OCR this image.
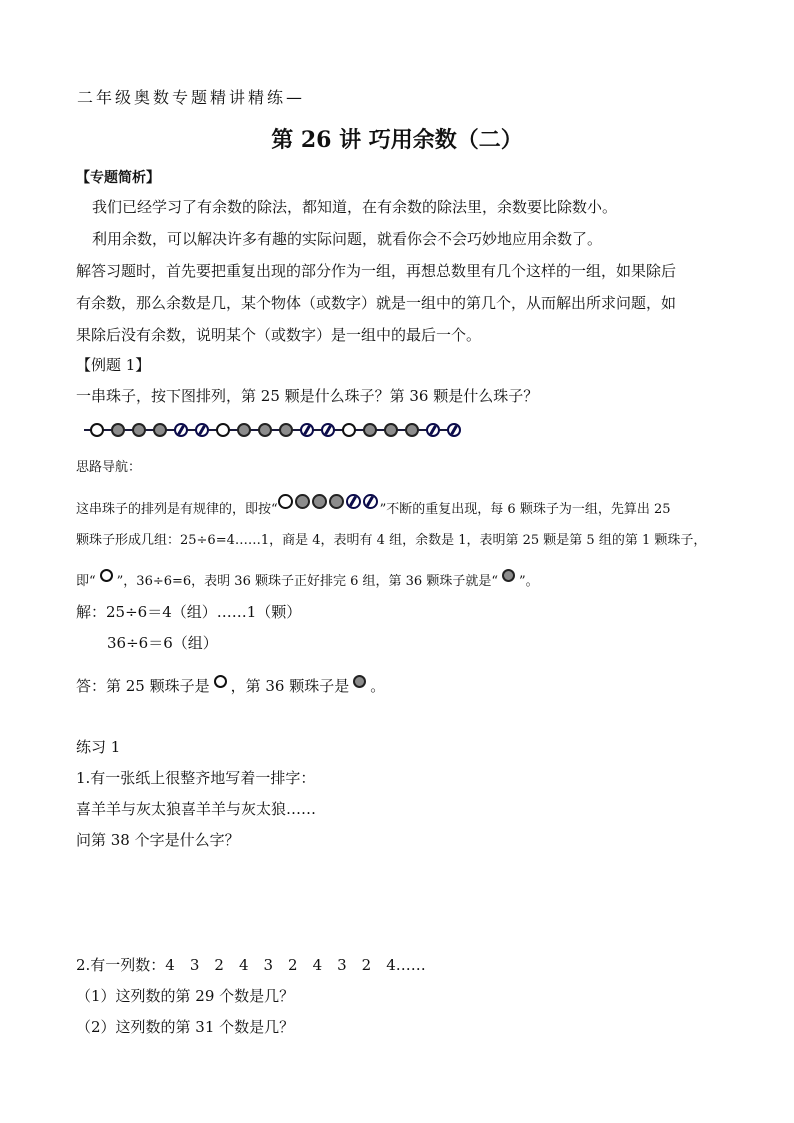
二年级奥数专题精讲精练—
第 26 讲 巧用余数（二）
【专题简析】
我们已经学习了有余数的除法，都知道，在有余数的除法里，余数要比除数小。
利用余数，可以解决许多有趣的实际问题，就看你会不会巧妙地应用余数了。
解答习题时，首先要把重复出现的部分作为一组，再想总数里有几个这样的一组，如果除后
有余数，那么余数是几，某个物体（或数字）就是一组中的第几个，从而解出所求问题，如
果除后没有余数，说明某个（或数字）是一组中的最后一个。
【例题 1】
一串珠子，按下图排列，第 25 颗是什么珠子？第 36 颗是什么珠子？
思路导航：
这串珠子的排列是有规律的，即按“	”不断的重复出现，每 6 颗珠子为一组，先算出 25
颗珠子形成几组：25÷6=4……1，商是 4，表明有 4 组，余数是 1，表明第 25 颗是第 5 组的第 1 颗珠子，
即“ ”，36÷6=6，表明 36 颗珠子正好排完 6 组，第 36 颗珠子就是“ ”。
解：25÷6＝4（组）……1（颗）
36÷6＝6（组）
答：第 25 颗珠子是 ，第 36 颗珠子是 。
练习 1
1.有一张纸上很整齐地写着一排字：
喜羊羊与灰太狼喜羊羊与灰太狼……
问第 38 个字是什么字？
2.有一列数：4　3　2　4　3　2　4　3　2　4……
（1）这列数的第 29 个数是几？
（2）这列数的第 31 个数是几？
